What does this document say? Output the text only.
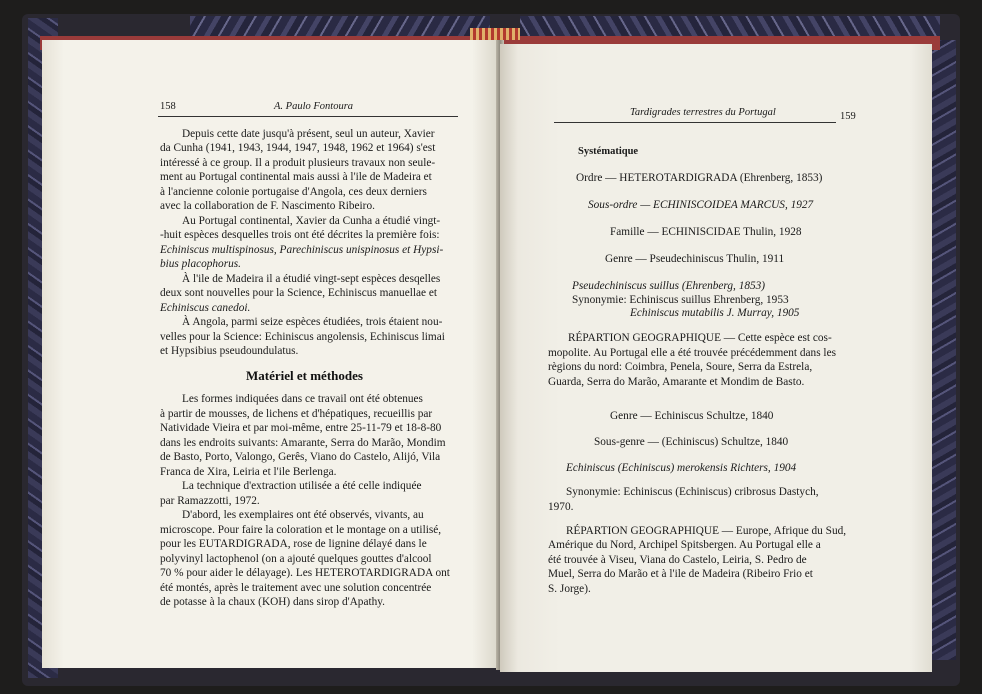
158	A. Paulo Fontoura
Depuis cette date jusqu'à présent, seul un auteur, Xavier
da Cunha (1941, 1943, 1944, 1947, 1948, 1962 et 1964) s'est
intéressé à ce group. Il a produit plusieurs travaux non seule-
ment au Portugal continental mais aussi à l'ile de Madeira et
à l'ancienne colonie portugaise d'Angola, ces deux derniers
avec la collaboration de F. Nascimento Ribeiro.
Au Portugal continental, Xavier da Cunha a étudié vingt-
-huit espèces desquelles trois ont été décrites la première fois:
Echiniscus multispinosus, Parechiniscus unispinosus et Hypsi-
bius placophorus.
À l'ile de Madeira il a étudié vingt-sept espèces desqelles
deux sont nouvelles pour la Science, Echiniscus manuellae et
Echiniscus canedoi.
À Angola, parmi seize espèces étudiées, trois étaient nou-
velles pour la Science: Echiniscus angolensis, Echiniscus limai
et Hypsibius pseudoundulatus.
Matériel et méthodes
Les formes indiquées dans ce travail ont été obtenues
à partir de mousses, de lichens et d'hépatiques, recueillis par
Natividade Vieira et par moi-même, entre 25-11-79 et 18-8-80
dans les endroits suivants: Amarante, Serra do Marão, Mondim
de Basto, Porto, Valongo, Gerês, Viano do Castelo, Alijó, Vila
Franca de Xira, Leiria et l'ile Berlenga.
La technique d'extraction utilisée a été celle indiquée
par Ramazzotti, 1972.
D'abord, les exemplaires ont été observés, vivants, au
microscope. Pour faire la coloration et le montage on a utilisé,
pour les EUTARDIGRADA, rose de lignine délayé dans le
polyvinyl lactophenol (on a ajouté quelques gouttes d'alcool
70 % pour aider le délayage). Les HETEROTARDIGRADA ont
été montés, après le traitement avec une solution concentrée
de potasse à la chaux (KOH) dans sirop d'Apathy.
Tardigrades terrestres du Portugal	159
Systématique
Ordre — HETEROTARDIGRADA (Ehrenberg, 1853)
Sous-ordre — ECHINISCOIDEA MARCUS, 1927
Famille — ECHINISCIDAE Thulin, 1928
Genre — Pseudechiniscus Thulin, 1911
Pseudechiniscus suillus (Ehrenberg, 1853)
Synonymie: Echiniscus suillus Ehrenberg, 1953
Echiniscus mutabilis J. Murray, 1905
RÉPARTION GEOGRAPHIQUE — Cette espèce est cos-
mopolite. Au Portugal elle a été trouvée précédemment dans les
règions du nord: Coimbra, Penela, Soure, Serra da Estrela,
Guarda, Serra do Marão, Amarante et Mondim de Basto.
Genre — Echiniscus Schultze, 1840
Sous-genre — (Echiniscus) Schultze, 1840
Echiniscus (Echiniscus) merokensis Richters, 1904
Synonymie: Echiniscus (Echiniscus) cribrosus Dastych,
1970.
RÉPARTION GEOGRAPHIQUE — Europe, Afrique du Sud,
Amérique du Nord, Archipel Spitsbergen. Au Portugal elle a
été trouvée à Viseu, Viana do Castelo, Leiria, S. Pedro de
Muel, Serra do Marão et à l'ile de Madeira (Ribeiro Frio et
S. Jorge).
